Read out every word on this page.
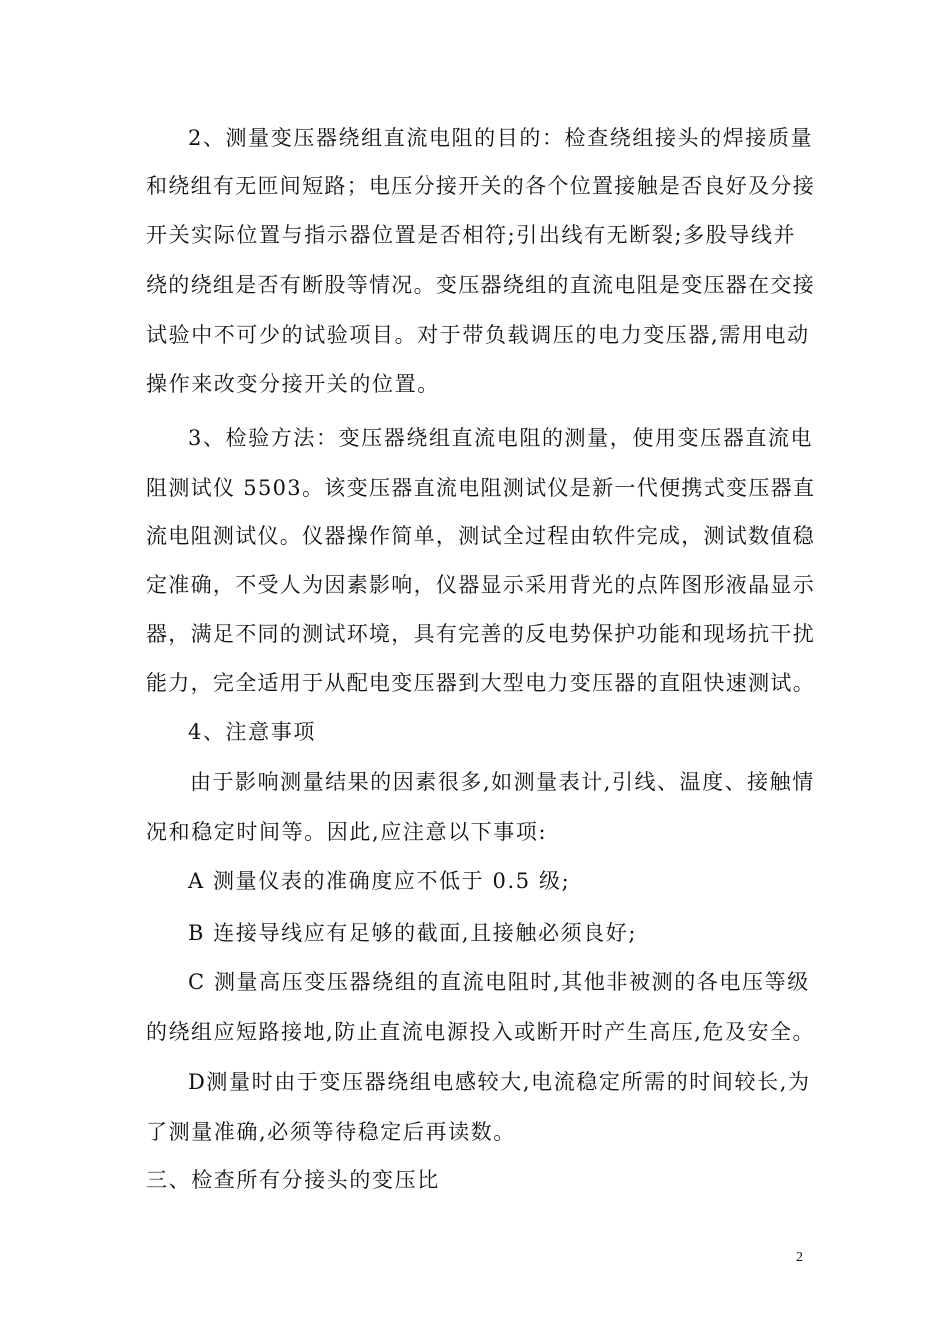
2、测量变压器绕组直流电阻的目的：检查绕组接头的焊接质量
和绕组有无匝间短路；电压分接开关的各个位置接触是否良好及分接
开关实际位置与指示器位置是否相符;引出线有无断裂;多股导线并
绕的绕组是否有断股等情况。变压器绕组的直流电阻是变压器在交接
试验中不可少的试验项目。对于带负载调压的电力变压器,需用电动
操作来改变分接开关的位置。
3、检验方法：变压器绕组直流电阻的测量，使用变压器直流电
阻测试仪 5503。该变压器直流电阻测试仪是新一代便携式变压器直
流电阻测试仪。仪器操作简单，测试全过程由软件完成，测试数值稳
定准确，不受人为因素影响，仪器显示采用背光的点阵图形液晶显示
器，满足不同的测试环境，具有完善的反电势保护功能和现场抗干扰
能力，完全适用于从配电变压器到大型电力变压器的直阻快速测试。
4、注意事项
由于影响测量结果的因素很多,如测量表计,引线、温度、接触情
况和稳定时间等。因此,应注意以下事项:
A 测量仪表的准确度应不低于 0.5 级;
B 连接导线应有足够的截面,且接触必须良好;
C 测量高压变压器绕组的直流电阻时,其他非被测的各电压等级
的绕组应短路接地,防止直流电源投入或断开时产生高压,危及安全。
D测量时由于变压器绕组电感较大,电流稳定所需的时间较长,为
了测量准确,必须等待稳定后再读数。
三、检查所有分接头的变压比
2
